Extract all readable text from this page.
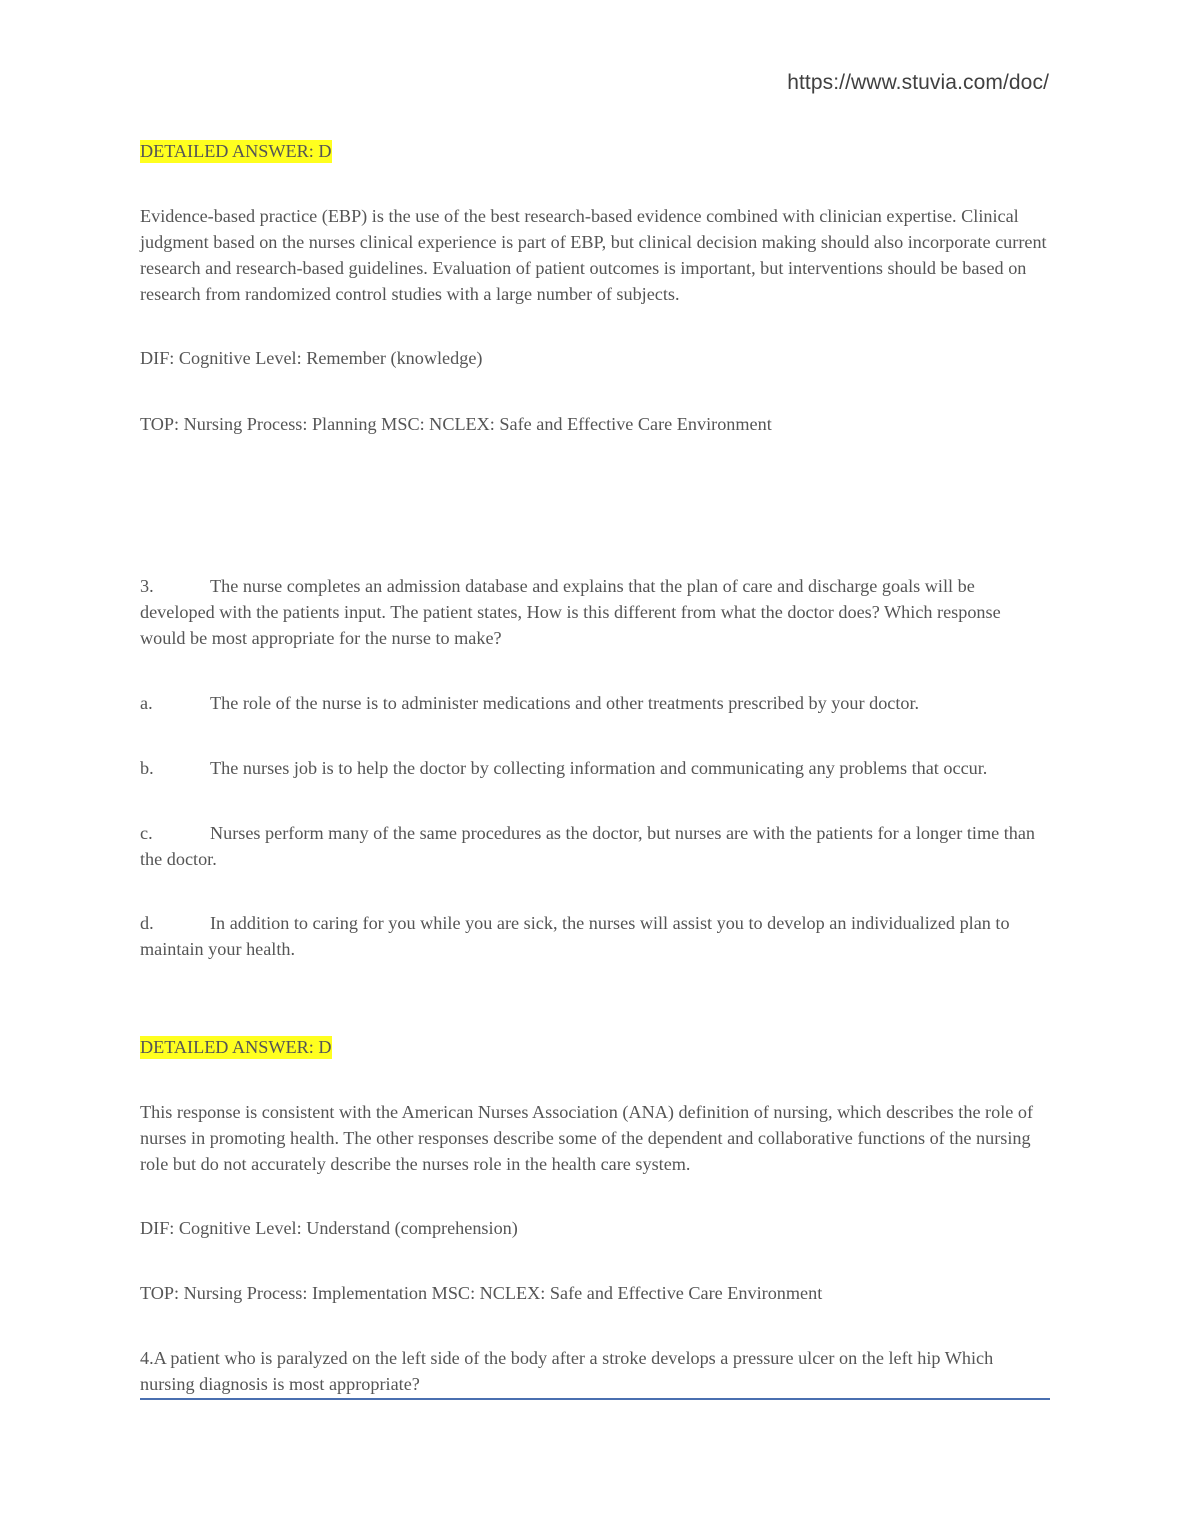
https://www.stuvia.com/doc/

DETAILED ANSWER: D

Evidence-based practice (EBP) is the use of the best research-based evidence combined with clinician expertise. Clinical judgment based on the nurses clinical experience is part of EBP, but clinical decision making should also incorporate current research and research-based guidelines. Evaluation of patient outcomes is important, but interventions should be based on research from randomized control studies with a large number of subjects.

DIF: Cognitive Level: Remember (knowledge)

TOP: Nursing Process: Planning MSC: NCLEX: Safe and Effective Care Environment

3.	The nurse completes an admission database and explains that the plan of care and discharge goals will be developed with the patients input. The patient states, How is this different from what the doctor does? Which response would be most appropriate for the nurse to make?

a.	The role of the nurse is to administer medications and other treatments prescribed by your doctor.

b.	The nurses job is to help the doctor by collecting information and communicating any problems that occur.

c.	Nurses perform many of the same procedures as the doctor, but nurses are with the patients for a longer time than the doctor.

d.	In addition to caring for you while you are sick, the nurses will assist you to develop an individualized plan to maintain your health.

DETAILED ANSWER: D

This response is consistent with the American Nurses Association (ANA) definition of nursing, which describes the role of nurses in promoting health. The other responses describe some of the dependent and collaborative functions of the nursing role but do not accurately describe the nurses role in the health care system.

DIF: Cognitive Level: Understand (comprehension)

TOP: Nursing Process: Implementation MSC: NCLEX: Safe and Effective Care Environment

4.A patient who is paralyzed on the left side of the body after a stroke develops a pressure ulcer on the left hip Which nursing diagnosis is most appropriate?
